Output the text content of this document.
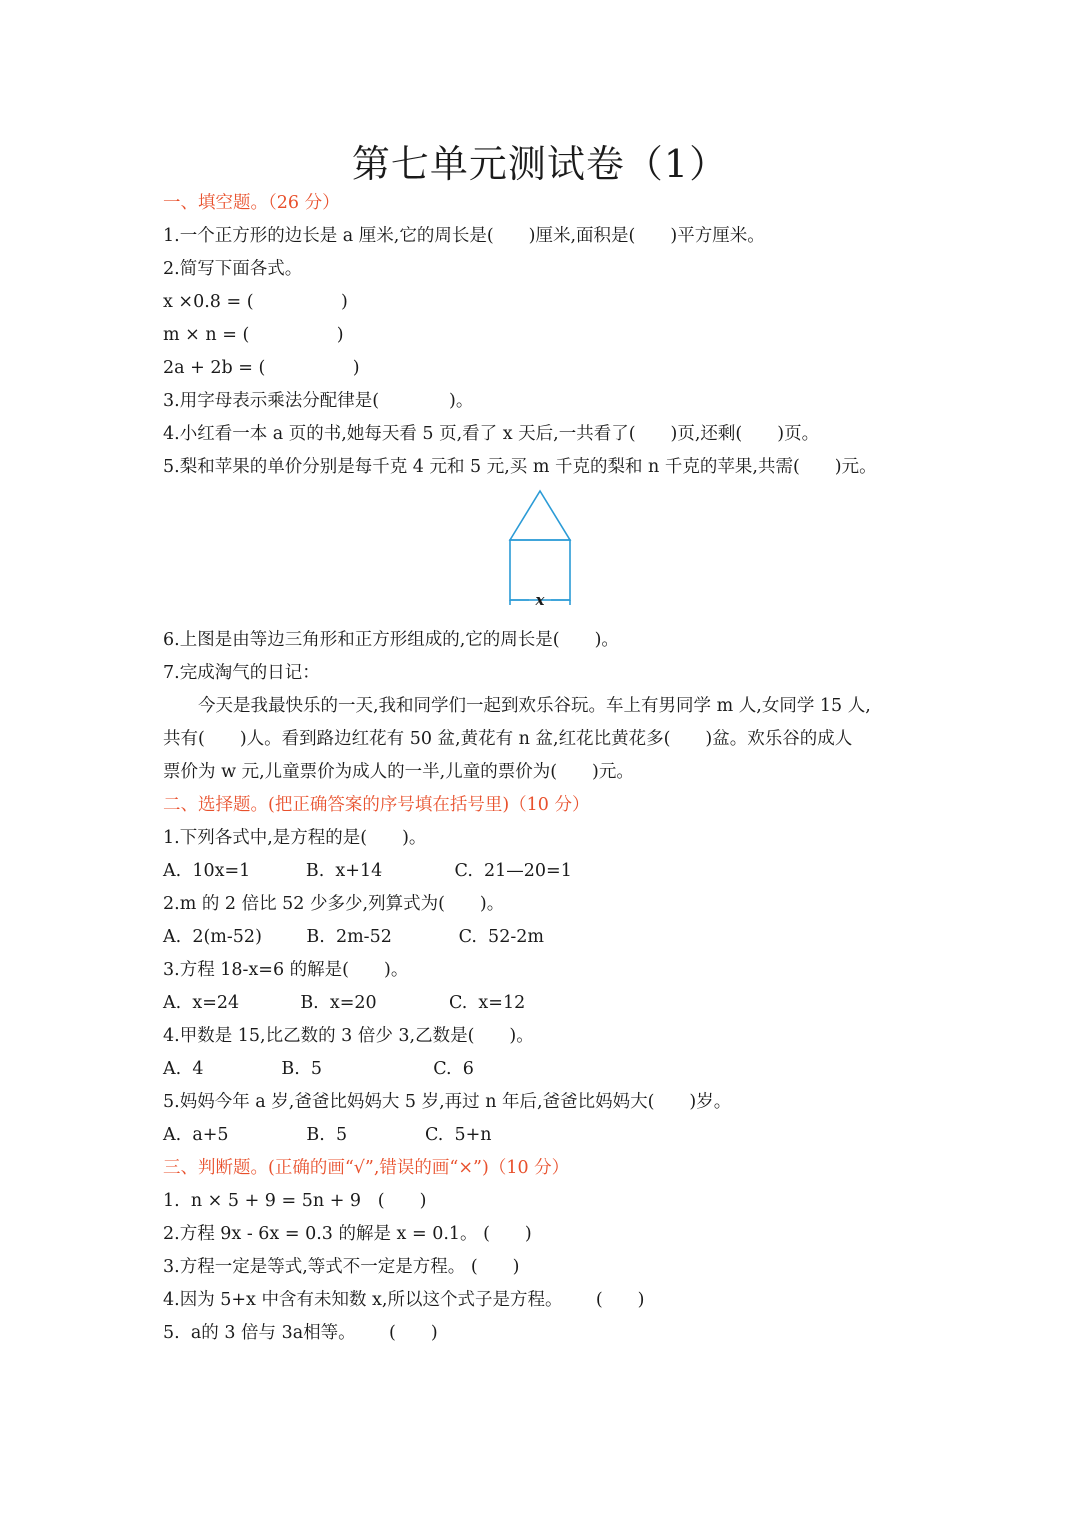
第七单元测试卷（1）
一、填空题。（26 分）
1.一个正方形的边长是 a 厘米,它的周长是(　　)厘米,面积是(　　)平方厘米。
2.简写下面各式。
x ×0.8 = (　　　　　)
m × n = (　　　　　)
2a + 2b = (　　　　　)
3.用字母表示乘法分配律是(　　　　)。
4.小红看一本 a 页的书,她每天看 5 页,看了 x 天后,一共看了(　　)页,还剩(　　)页。
5.梨和苹果的单价分别是每千克 4 元和 5 元,买 m 千克的梨和 n 千克的苹果,共需(　　)元。
x
6.上图是由等边三角形和正方形组成的,它的周长是(　　)。
7.完成淘气的日记：
　　今天是我最快乐的一天,我和同学们一起到欢乐谷玩。车上有男同学 m 人,女同学 15 人,
共有(　　)人。看到路边红花有 50 盆,黄花有 n 盆,红花比黄花多(　　)盆。欢乐谷的成人
票价为 w 元,儿童票价为成人的一半,儿童的票价为(　　)元。
二、选择题。(把正确答案的序号填在括号里)（10 分）
1.下列各式中,是方程的是(　　)。
A.  10x=1          B.  x+14             C.  21—20=1
2.m 的 2 倍比 52 少多少,列算式为(　　)。
A.  2(m-52)        B.  2m-52            C.  52-2m
3.方程 18-x=6 的解是(　　)。
A.  x=24           B.  x=20             C.  x=12
4.甲数是 15,比乙数的 3 倍少 3,乙数是(　　)。
A.  4              B.  5                    C.  6
5.妈妈今年 a 岁,爸爸比妈妈大 5 岁,再过 n 年后,爸爸比妈妈大(　　)岁。
A.  a+5              B.  5              C.  5+n
三、判断题。(正确的画“√”,错误的画“×”)（10 分）
1.  n × 5 + 9 = 5n + 9   (　　)
2.方程 9x - 6x = 0.3 的解是 x = 0.1。 (　　)
3.方程一定是等式,等式不一定是方程。 (　　)
4.因为 5+x 中含有未知数 x,所以这个式子是方程。      (　　)
5.  a的 3 倍与 3a相等。      (　　)
